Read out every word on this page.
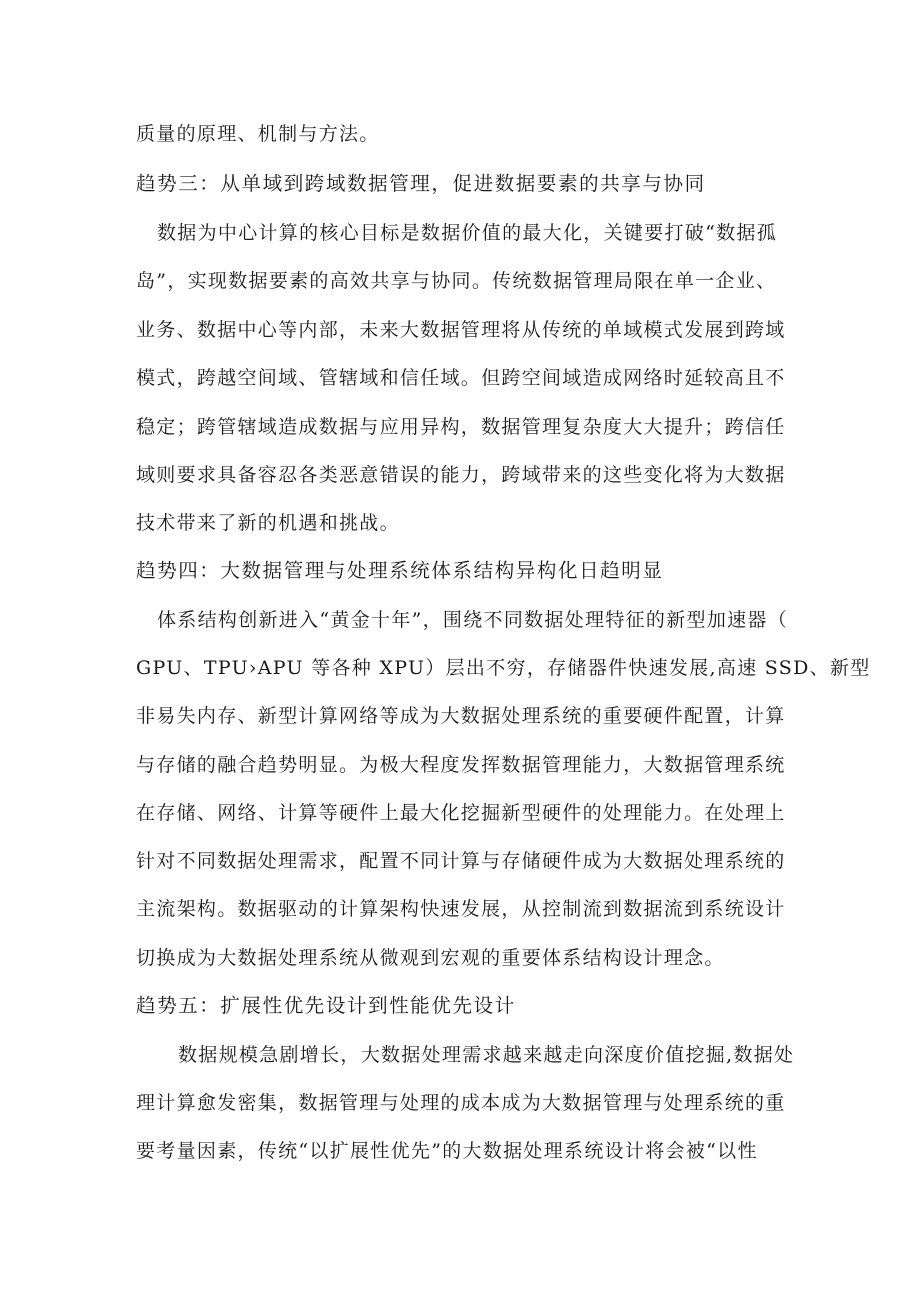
质量的原理、机制与方法。
趋势三：从单域到跨域数据管理，促进数据要素的共享与协同
数据为中心计算的核心目标是数据价值的最大化，关键要打破“数据孤
岛”，实现数据要素的高效共享与协同。传统数据管理局限在单一企业、
业务、数据中心等内部，未来大数据管理将从传统的单域模式发展到跨域
模式，跨越空间域、管辖域和信任域。但跨空间域造成网络时延较高且不
稳定；跨管辖域造成数据与应用异构，数据管理复杂度大大提升；跨信任
域则要求具备容忍各类恶意错误的能力，跨域带来的这些变化将为大数据
技术带来了新的机遇和挑战。
趋势四：大数据管理与处理系统体系结构异构化日趋明显
体系结构创新进入“黄金十年”，围绕不同数据处理特征的新型加速器（
GPU、TPU›APU 等各种 XPU）层出不穷，存储器件快速发展,高速 SSD、新型
非易失内存、新型计算网络等成为大数据处理系统的重要硬件配置，计算
与存储的融合趋势明显。为极大程度发挥数据管理能力，大数据管理系统
在存储、网络、计算等硬件上最大化挖掘新型硬件的处理能力。在处理上
针对不同数据处理需求，配置不同计算与存储硬件成为大数据处理系统的
主流架构。数据驱动的计算架构快速发展，从控制流到数据流到系统设计
切换成为大数据处理系统从微观到宏观的重要体系结构设计理念。
趋势五：扩展性优先设计到性能优先设计
数据规模急剧增长，大数据处理需求越来越走向深度价值挖掘,数据处
理计算愈发密集，数据管理与处理的成本成为大数据管理与处理系统的重
要考量因素，传统“以扩展性优先”的大数据处理系统设计将会被“以性
